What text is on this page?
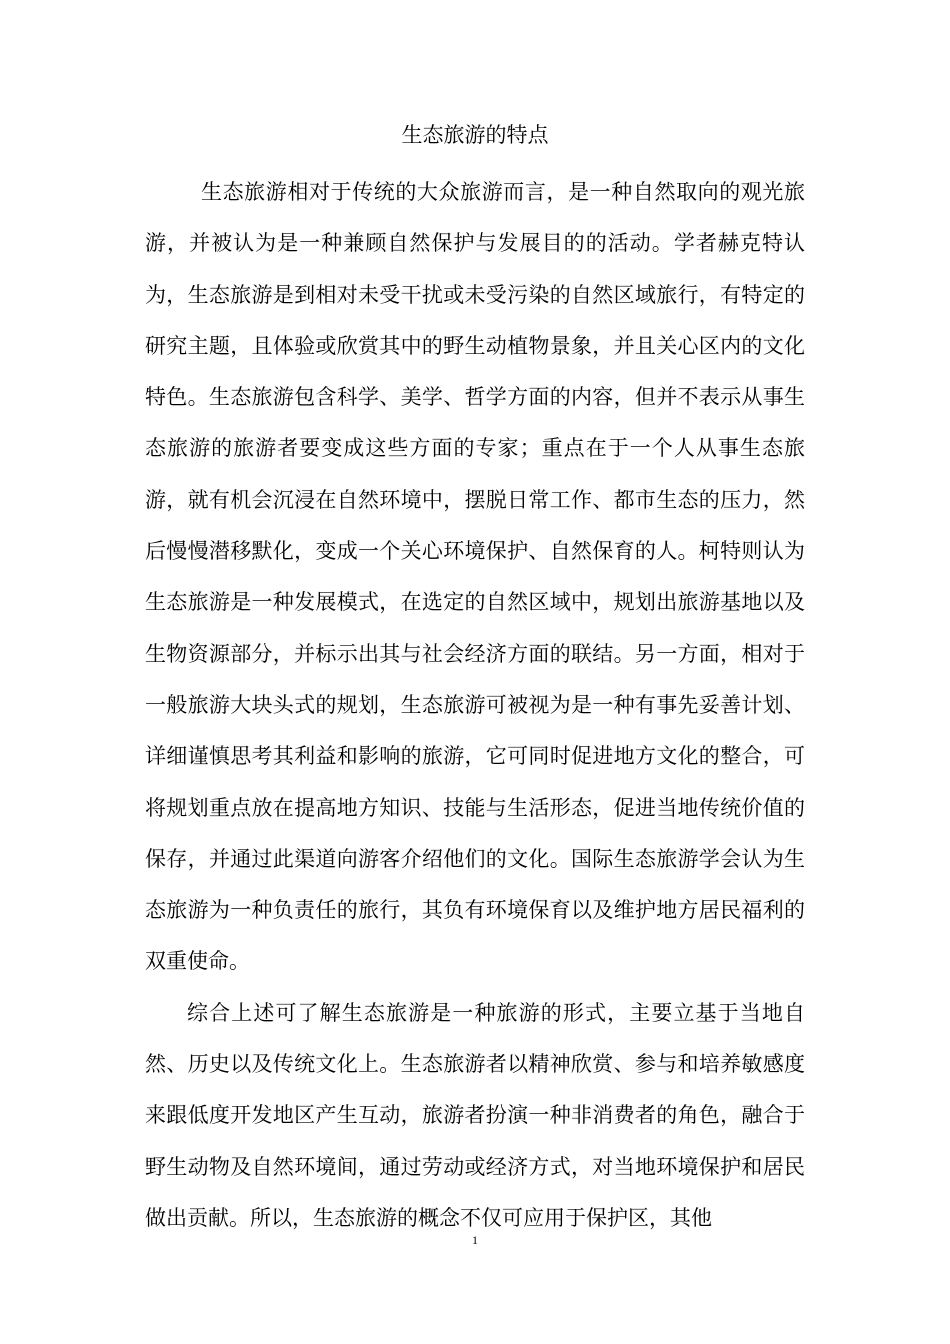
生态旅游的特点

生态旅游相对于传统的大众旅游而言，是一种自然取向的观光旅游，并被认为是一种兼顾自然保护与发展目的的活动。学者赫克特认为，生态旅游是到相对未受干扰或未受污染的自然区域旅行，有特定的研究主题，且体验或欣赏其中的野生动植物景象，并且关心区内的文化特色。生态旅游包含科学、美学、哲学方面的内容，但并不表示从事生态旅游的旅游者要变成这些方面的专家；重点在于一个人从事生态旅游，就有机会沉浸在自然环境中，摆脱日常工作、都市生态的压力，然后慢慢潜移默化，变成一个关心环境保护、自然保育的人。柯特则认为生态旅游是一种发展模式，在选定的自然区域中，规划出旅游基地以及生物资源部分，并标示出其与社会经济方面的联结。另一方面，相对于一般旅游大块头式的规划，生态旅游可被视为是一种有事先妥善计划、详细谨慎思考其利益和影响的旅游，它可同时促进地方文化的整合，可将规划重点放在提高地方知识、技能与生活形态，促进当地传统价值的保存，并通过此渠道向游客介绍他们的文化。国际生态旅游学会认为生态旅游为一种负责任的旅行，其负有环境保育以及维护地方居民福利的双重使命。

综合上述可了解生态旅游是一种旅游的形式，主要立基于当地自然、历史以及传统文化上。生态旅游者以精神欣赏、参与和培养敏感度来跟低度开发地区产生互动，旅游者扮演一种非消费者的角色，融合于野生动物及自然环境间，通过劳动或经济方式，对当地环境保护和居民做出贡献。所以，生态旅游的概念不仅可应用于保护区，其他

1
